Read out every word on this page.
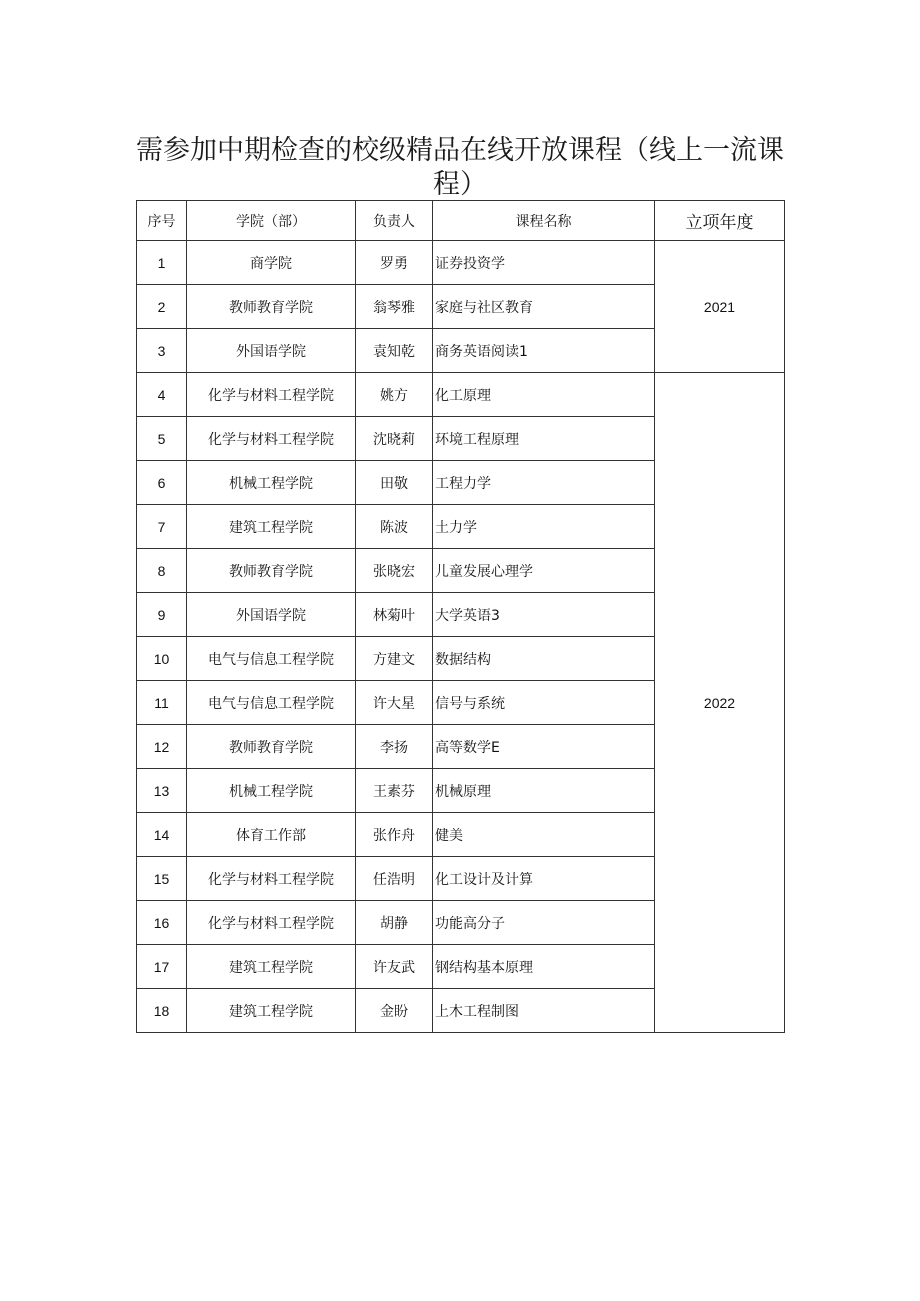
需参加中期检查的校级精品在线开放课程（线上一流课程）
序号	学院（部）	负责人	课程名称	立项年度
1	商学院	罗勇	证券投资学	2021
2	教师教育学院	翁琴雅	家庭与社区教育	
3	外国语学院	袁知乾	商务英语阅读1	
4	化学与材料工程学院	姚方	化工原理	2022
5	化学与材料工程学院	沈晓莉	环境工程原理	
6	机械工程学院	田敬	工程力学	
7	建筑工程学院	陈波	土力学	
8	教师教育学院	张晓宏	儿童发展心理学	
9	外国语学院	林菊叶	大学英语3	
10	电气与信息工程学院	方建文	数据结构	
11	电气与信息工程学院	许大星	信号与系统	
12	教师教育学院	李扬	高等数学E	
13	机械工程学院	王素芬	机械原理	
14	体育工作部	张作舟	健美	
15	化学与材料工程学院	任浩明	化工设计及计算	
16	化学与材料工程学院	胡静	功能高分子	
17	建筑工程学院	许友武	钢结构基本原理	
18	建筑工程学院	金盼	上木工程制图	
